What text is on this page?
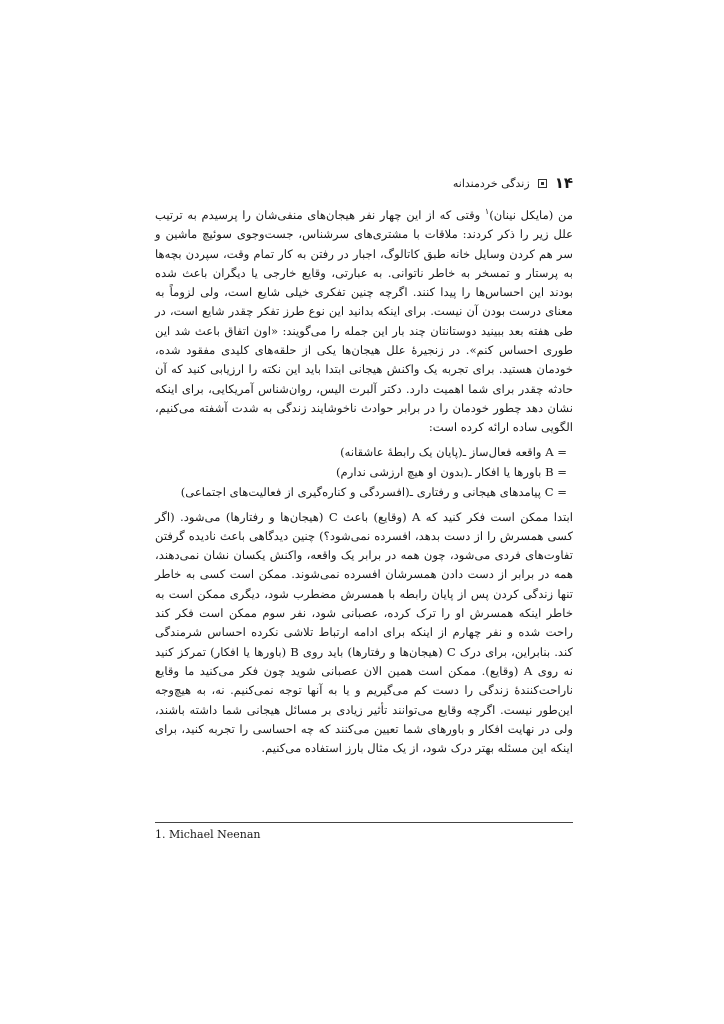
۱۴
زندگی خردمندانه

من (مایکل نینان)$^۱$ وقتی که از این چهار نفر هیجان‌های منفی‌شان را پرسیدم به ترتیب علل زیر را ذکر کردند: ملاقات با مشتری‌های سرشناس، جست‌وجوی سوئیچ ماشین و سر هم کردن وسایل خانه طبق کاتالوگ، اجبار در رفتن به کار تمام وقت، سپردن بچه‌ها به پرستار و تمسخر به خاطر ناتوانی. به عبارتی، وقایع خارجی یا دیگران باعث شده بودند این احساس‌ها را پیدا کنند. اگرچه چنین تفکری خیلی شایع است، ولی لزوماً به معنای درست بودن آن نیست. برای اینکه بدانید این نوع طرز تفکر چقدر شایع است، در طی هفته بعد ببینید دوستانتان چند بار این جمله را می‌گویند: «اون اتفاق باعث شد این طوری احساس کنم». در زنجیرهٔ علل هیجان‌ها یکی از حلقه‌های کلیدی مفقود شده، خودمان هستید. برای تجربه یک واکنش هیجانی ابتدا باید این نکته را ارزیابی کنید که آن حادثه چقدر برای شما اهمیت دارد. دکتر آلبرت الیس، روان‌شناس آمریکایی، برای اینکه نشان دهد چطور خودمان را در برابر حوادث ناخوشایند زندگی به شدت آشفته می‌کنیم، الگویی ساده ارائه کرده است:

A = واقعه فعال‌ساز ـ(پایان یک رابطهٔ عاشقانه)
B = باورها یا افکار ـ(بدون او هیچ ارزشی ندارم)
C = پیامدهای هیجانی و رفتاری ـ(افسردگی و کناره‌گیری از فعالیت‌های اجتماعی)

ابتدا ممکن است فکر کنید که A (وقایع) باعث C (هیجان‌ها و رفتارها) می‌شود. (اگر کسی همسرش را از دست بدهد، افسرده نمی‌شود؟) چنین دیدگاهی باعث نادیده گرفتن تفاوت‌های فردی می‌شود، چون همه در برابر یک واقعه، واکنش یکسان نشان نمی‌دهند، همه در برابر از دست دادن همسرشان افسرده نمی‌شوند. ممکن است کسی به خاطر تنها زندگی کردن پس از پایان رابطه با همسرش مضطرب شود، دیگری ممکن است به خاطر اینکه همسرش او را ترک کرده، عصبانی شود، نفر سوم ممکن است فکر کند راحت شده و نفر چهارم از اینکه برای ادامه ارتباط تلاشی نکرده احساس شرمندگی کند. بنابراین، برای درک C (هیجان‌ها و رفتارها) باید روی B (باورها یا افکار) تمرکز کنید نه روی A (وقایع). ممکن است همین الان عصبانی شوید چون فکر می‌کنید ما وقایع ناراحت‌کنندهٔ زندگی را دست کم می‌گیریم و یا به آنها توجه نمی‌کنیم. نه، به هیچ‌وجه این‌طور نیست. اگرچه وقایع می‌توانند تأثیر زیادی بر مسائل هیجانی شما داشته باشند، ولی در نهایت افکار و باورهای شما تعیین می‌کنند که چه احساسی را تجربه کنید، برای اینکه این مسئله بهتر درک شود، از یک مثال بارز استفاده می‌کنیم.

1. Michael Neenan
